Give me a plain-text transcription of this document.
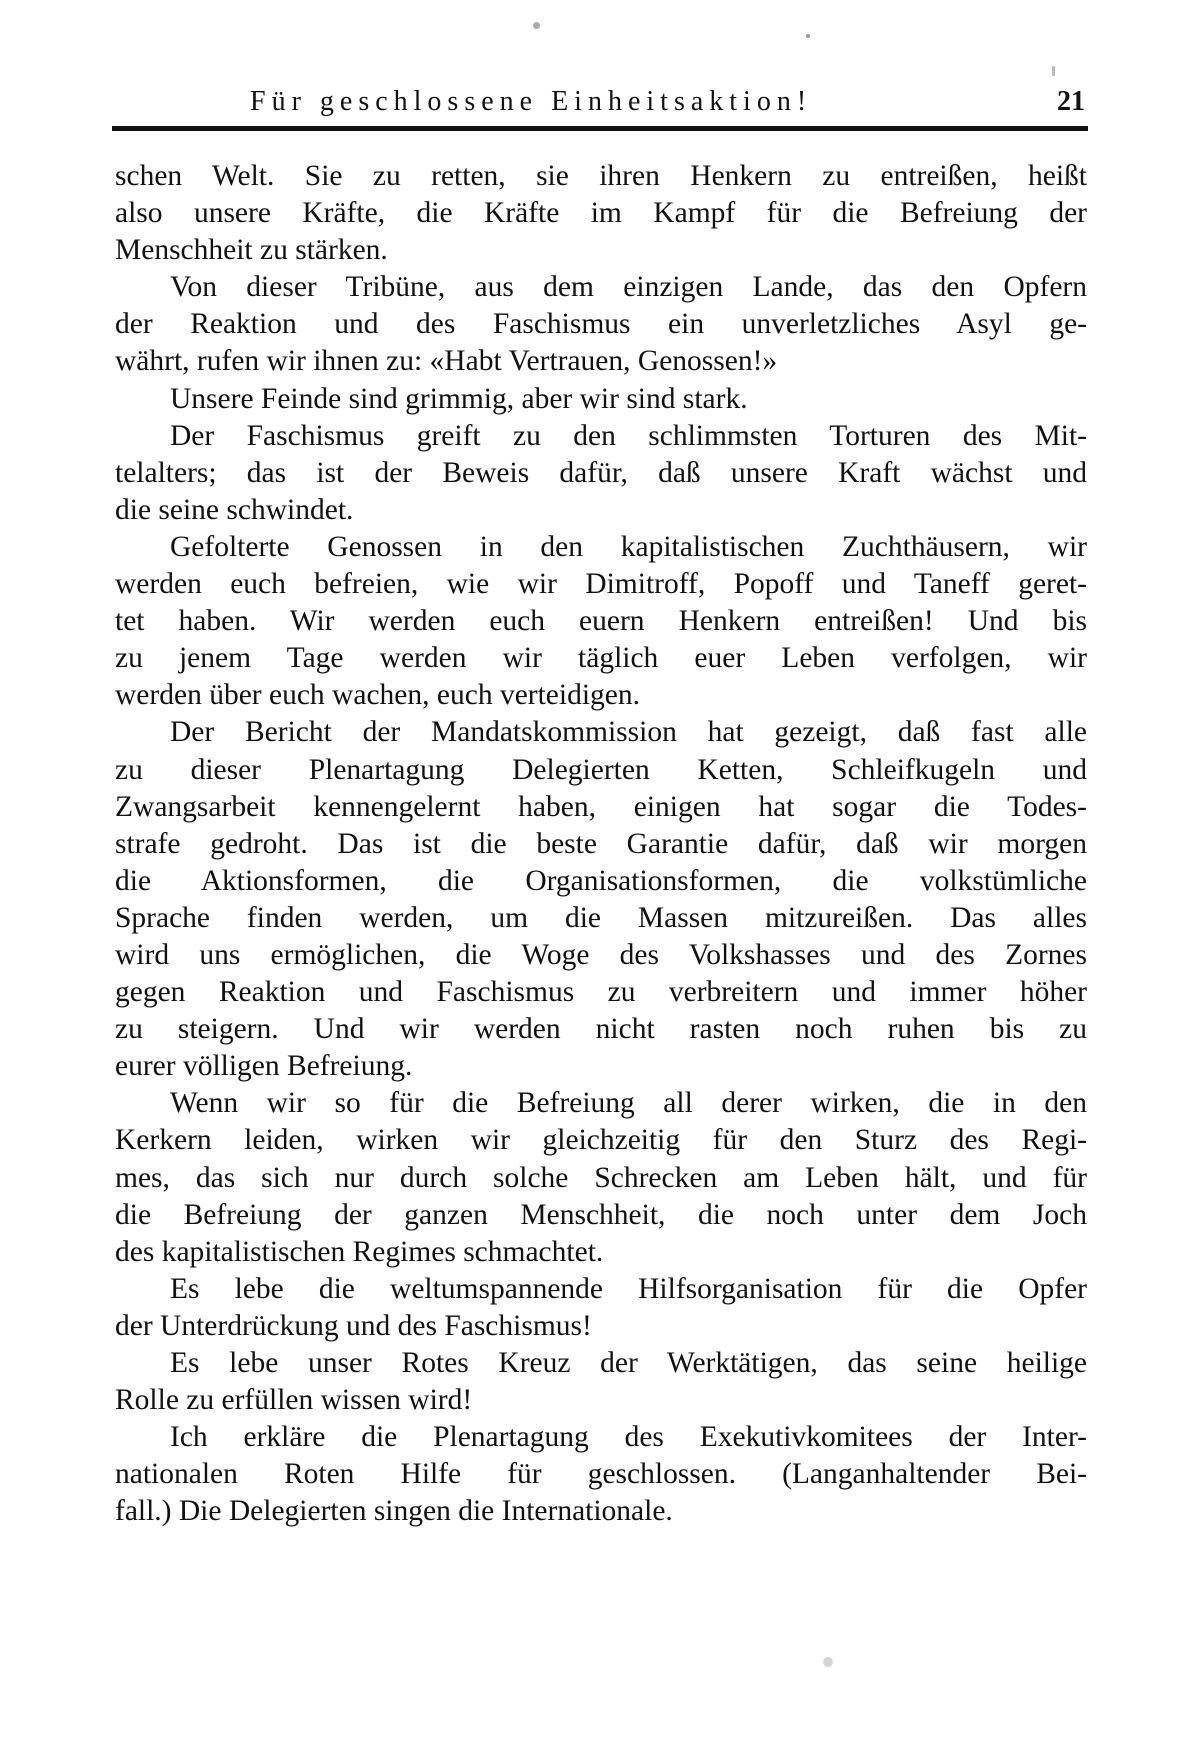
Für geschlossene Einheitsaktion!	21
schen Welt. Sie zu retten, sie ihren Henkern zu entreißen, heißt
also unsere Kräfte, die Kräfte im Kampf für die Befreiung der
Menschheit zu stärken.
Von dieser Tribüne, aus dem einzigen Lande, das den Opfern
der Reaktion und des Faschismus ein unverletzliches Asyl ge-
währt, rufen wir ihnen zu: «Habt Vertrauen, Genossen!»
Unsere Feinde sind grimmig, aber wir sind stark.
Der Faschismus greift zu den schlimmsten Torturen des Mit-
telalters; das ist der Beweis dafür, daß unsere Kraft wächst und
die seine schwindet.
Gefolterte Genossen in den kapitalistischen Zuchthäusern, wir
werden euch befreien, wie wir Dimitroff, Popoff und Taneff geret-
tet haben. Wir werden euch euern Henkern entreißen! Und bis
zu jenem Tage werden wir täglich euer Leben verfolgen, wir
werden über euch wachen, euch verteidigen.
Der Bericht der Mandatskommission hat gezeigt, daß fast alle
zu dieser Plenartagung Delegierten Ketten, Schleifkugeln und
Zwangsarbeit kennengelernt haben, einigen hat sogar die Todes-
strafe gedroht. Das ist die beste Garantie dafür, daß wir morgen
die Aktionsformen, die Organisationsformen, die volkstümliche
Sprache finden werden, um die Massen mitzureißen. Das alles
wird uns ermöglichen, die Woge des Volkshasses und des Zornes
gegen Reaktion und Faschismus zu verbreitern und immer höher
zu steigern. Und wir werden nicht rasten noch ruhen bis zu
eurer völligen Befreiung.
Wenn wir so für die Befreiung all derer wirken, die in den
Kerkern leiden, wirken wir gleichzeitig für den Sturz des Regi-
mes, das sich nur durch solche Schrecken am Leben hält, und für
die Befreiung der ganzen Menschheit, die noch unter dem Joch
des kapitalistischen Regimes schmachtet.
Es lebe die weltumspannende Hilfsorganisation für die Opfer
der Unterdrückung und des Faschismus!
Es lebe unser Rotes Kreuz der Werktätigen, das seine heilige
Rolle zu erfüllen wissen wird!
Ich erkläre die Plenartagung des Exekutivkomitees der Inter-
nationalen Roten Hilfe für geschlossen. (Langanhaltender Bei-
fall.) Die Delegierten singen die Internationale.
